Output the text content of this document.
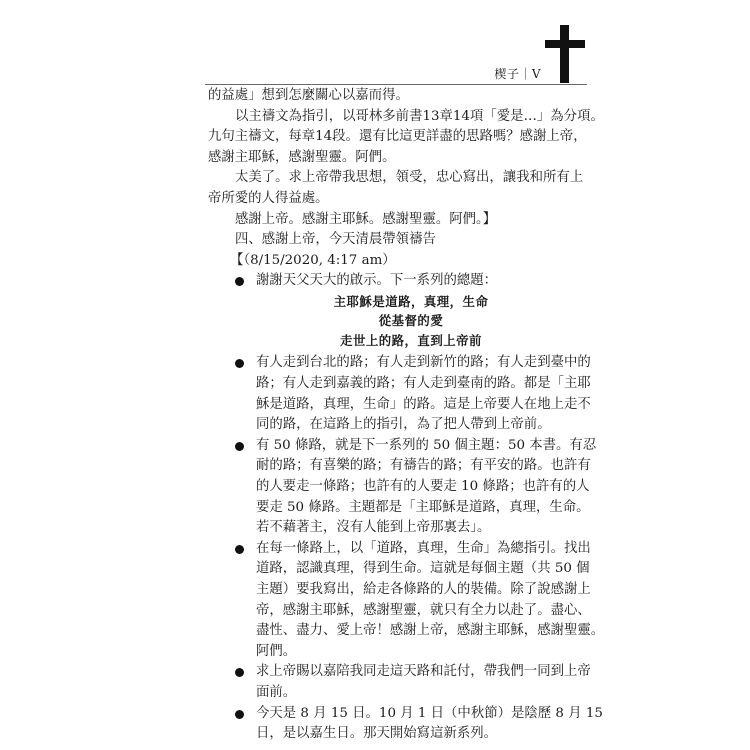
楔子｜V
的益處」想到怎麼關心以嘉而得。
以主禱文為指引，以哥林多前書13章14項「愛是…」為分項。
九句主禱文，每章14段。還有比這更詳盡的思路嗎？感謝上帝，
感謝主耶穌，感謝聖靈。阿們。
太美了。求上帝帶我思想，領受，忠心寫出，讓我和所有上
帝所愛的人得益處。
感謝上帝。感謝主耶穌。感謝聖靈。阿們。】
四、感謝上帝，今天清晨帶領禱告
【（8/15/2020, 4:17 am）
謝謝天父天大的啟示。下一系列的總題：
主耶穌是道路，真理，生命
從基督的愛
走世上的路，直到上帝前
有人走到台北的路；有人走到新竹的路；有人走到臺中的
路；有人走到嘉義的路；有人走到臺南的路。都是「主耶
穌是道路，真理，生命」的路。這是上帝要人在地上走不
同的路，在這路上的指引，為了把人帶到上帝前。
有 50 條路，就是下一系列的 50 個主題：50 本書。有忍
耐的路；有喜樂的路；有禱告的路；有平安的路。也許有
的人要走一條路；也許有的人要走 10 條路；也許有的人
要走 50 條路。主題都是「主耶穌是道路，真理，生命。
若不藉著主，沒有人能到上帝那裏去」。
在每一條路上，以「道路，真理，生命」為總指引。找出
道路，認識真理，得到生命。這就是每個主題（共 50 個
主題）要我寫出，給走各條路的人的裝備。除了說感謝上
帝，感謝主耶穌，感謝聖靈，就只有全力以赴了。盡心、
盡性、盡力、愛上帝！感謝上帝，感謝主耶穌，感謝聖靈。
阿們。
求上帝賜以嘉陪我同走這天路和託付，帶我們一同到上帝
面前。
今天是 8 月 15 日。10 月 1 日（中秋節）是陰歷 8 月 15
日，是以嘉生日。那天開始寫這新系列。
